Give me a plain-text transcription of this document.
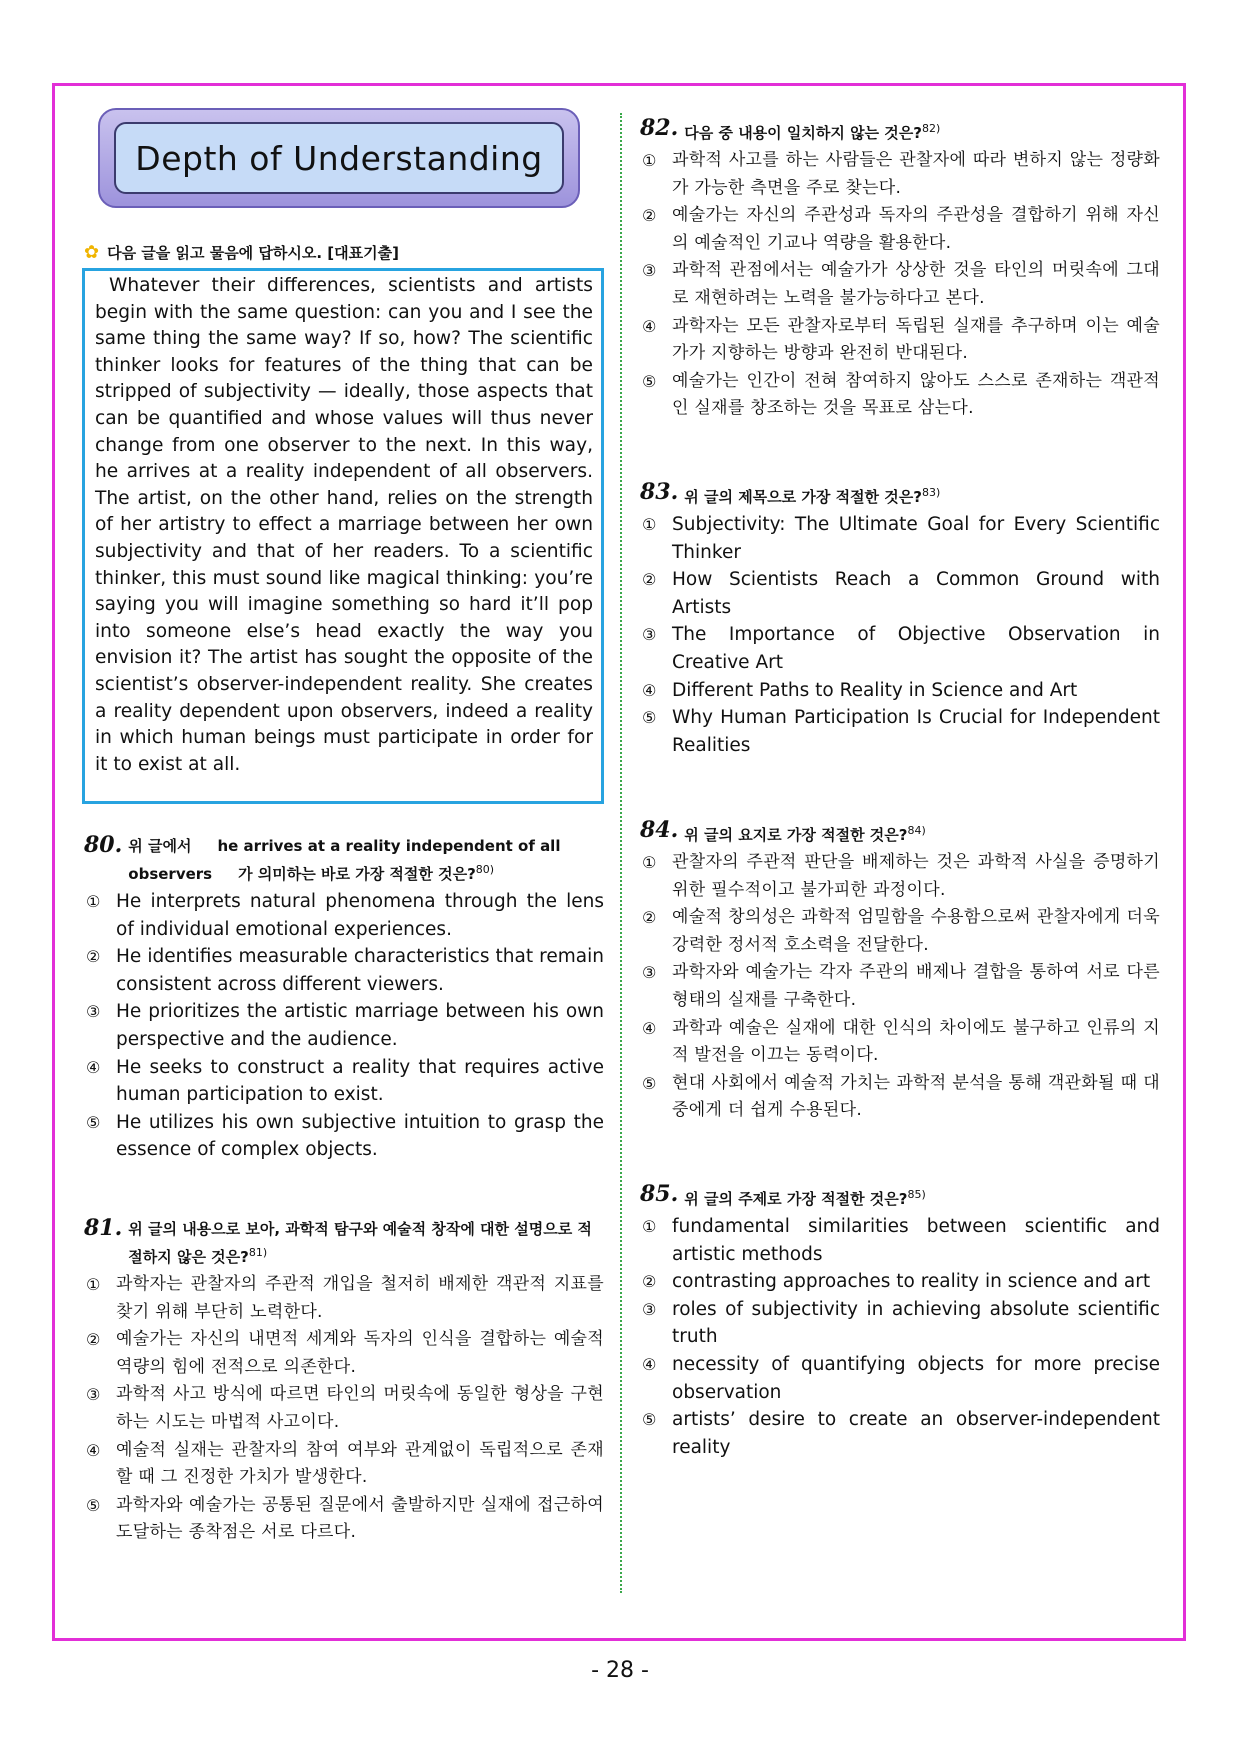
Depth of Understanding
✿ 다음 글을 읽고 물음에 답하시오. [대표기출]
Whatever their differences, scientists and artists begin with the same question: can you and I see the same thing the same way? If so, how? The scientific thinker looks for features of the thing that can be stripped of subjectivity — ideally, those aspects that can be quantified and whose values will thus never change from one observer to the next. In this way, he arrives at a reality independent of all observers. The artist, on the other hand, relies on the strength of her artistry to effect a marriage between her own subjectivity and that of her readers. To a scientific thinker, this must sound like magical thinking: you’re saying you will imagine something so hard it’ll pop into someone else’s head exactly the way you envision it? The artist has sought the opposite of the scientist’s observer-independent reality. She creates a reality dependent upon observers, indeed a reality in which human beings must participate in order for it to exist at all.
80. 위 글에서 he arrives at a reality independent of all observers 가 의미하는 바로 가장 적절한 것은?$^{80)}$
① He interprets natural phenomena through the lens of individual emotional experiences.
② He identifies measurable characteristics that remain consistent across different viewers.
③ He prioritizes the artistic marriage between his own perspective and the audience.
④ He seeks to construct a reality that requires active human participation to exist.
⑤ He utilizes his own subjective intuition to grasp the essence of complex objects.
81. 위 글의 내용으로 보아, 과학적 탐구와 예술적 창작에 대한 설명으로 적절하지 않은 것은?$^{81)}$
① 과학자는 관찰자의 주관적 개입을 철저히 배제한 객관적 지표를 찾기 위해 부단히 노력한다.
② 예술가는 자신의 내면적 세계와 독자의 인식을 결합하는 예술적 역량의 힘에 전적으로 의존한다.
③ 과학적 사고 방식에 따르면 타인의 머릿속에 동일한 형상을 구현하는 시도는 마법적 사고이다.
④ 예술적 실재는 관찰자의 참여 여부와 관계없이 독립적으로 존재할 때 그 진정한 가치가 발생한다.
⑤ 과학자와 예술가는 공통된 질문에서 출발하지만 실재에 접근하여 도달하는 종착점은 서로 다르다.
82. 다음 중 내용이 일치하지 않는 것은?$^{82)}$
① 과학적 사고를 하는 사람들은 관찰자에 따라 변하지 않는 정량화가 가능한 측면을 주로 찾는다.
② 예술가는 자신의 주관성과 독자의 주관성을 결합하기 위해 자신의 예술적인 기교나 역량을 활용한다.
③ 과학적 관점에서는 예술가가 상상한 것을 타인의 머릿속에 그대로 재현하려는 노력을 불가능하다고 본다.
④ 과학자는 모든 관찰자로부터 독립된 실재를 추구하며 이는 예술가가 지향하는 방향과 완전히 반대된다.
⑤ 예술가는 인간이 전혀 참여하지 않아도 스스로 존재하는 객관적인 실재를 창조하는 것을 목표로 삼는다.
83. 위 글의 제목으로 가장 적절한 것은?$^{83)}$
① Subjectivity: The Ultimate Goal for Every Scientific Thinker
② How Scientists Reach a Common Ground with Artists
③ The Importance of Objective Observation in Creative Art
④ Different Paths to Reality in Science and Art
⑤ Why Human Participation Is Crucial for Independent Realities
84. 위 글의 요지로 가장 적절한 것은?$^{84)}$
① 관찰자의 주관적 판단을 배제하는 것은 과학적 사실을 증명하기 위한 필수적이고 불가피한 과정이다.
② 예술적 창의성은 과학적 엄밀함을 수용함으로써 관찰자에게 더욱 강력한 정서적 호소력을 전달한다.
③ 과학자와 예술가는 각자 주관의 배제나 결합을 통하여 서로 다른 형태의 실재를 구축한다.
④ 과학과 예술은 실재에 대한 인식의 차이에도 불구하고 인류의 지적 발전을 이끄는 동력이다.
⑤ 현대 사회에서 예술적 가치는 과학적 분석을 통해 객관화될 때 대중에게 더 쉽게 수용된다.
85. 위 글의 주제로 가장 적절한 것은?$^{85)}$
① fundamental similarities between scientific and artistic methods
② contrasting approaches to reality in science and art
③ roles of subjectivity in achieving absolute scientific truth
④ necessity of quantifying objects for more precise observation
⑤ artists’ desire to create an observer-independent reality
- 28 -
